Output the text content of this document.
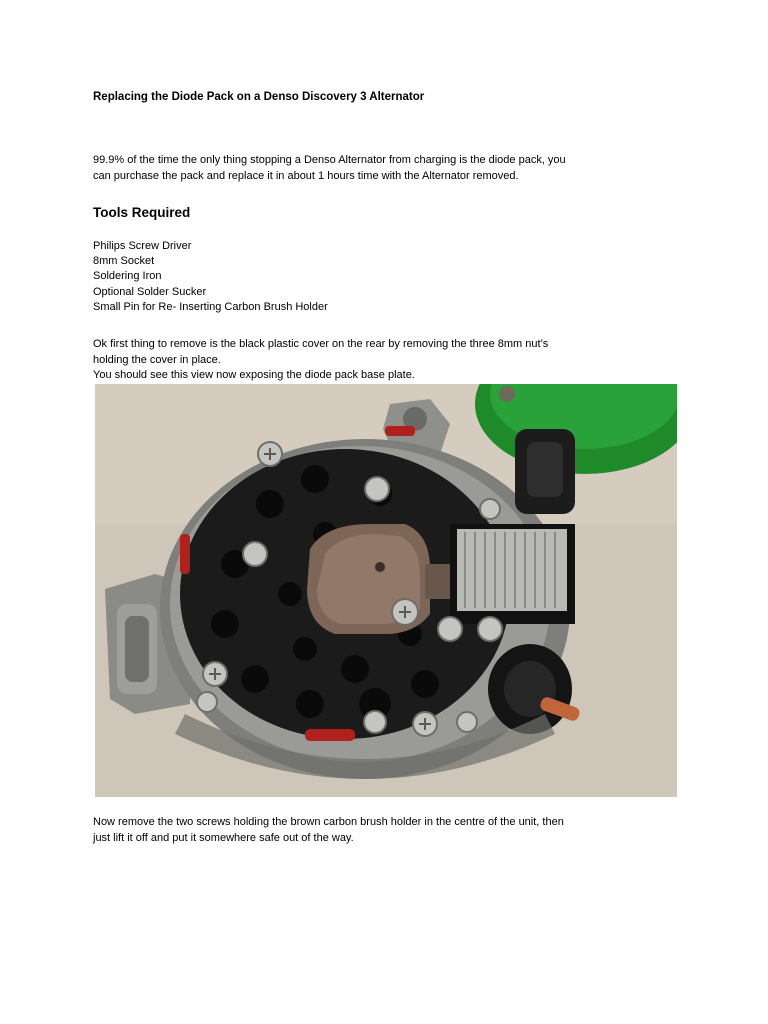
Replacing the Diode Pack on a Denso Discovery 3 Alternator
99.9% of the time the only thing stopping a Denso Alternator from charging is the diode pack, you
can purchase the pack and replace it in about 1 hours time with the Alternator removed.
Tools Required
Philips Screw Driver
8mm Socket
Soldering Iron
Optional Solder Sucker
Small Pin for Re- Inserting Carbon Brush Holder
Ok first thing to remove is the black plastic cover on the rear by removing the three 8mm nut’s
holding the cover in place.
You should see this view now exposing the diode pack base plate.
Now remove the two screws holding the brown carbon brush holder in the centre of the unit, then
just lift it off and put it somewhere safe out of the way.
